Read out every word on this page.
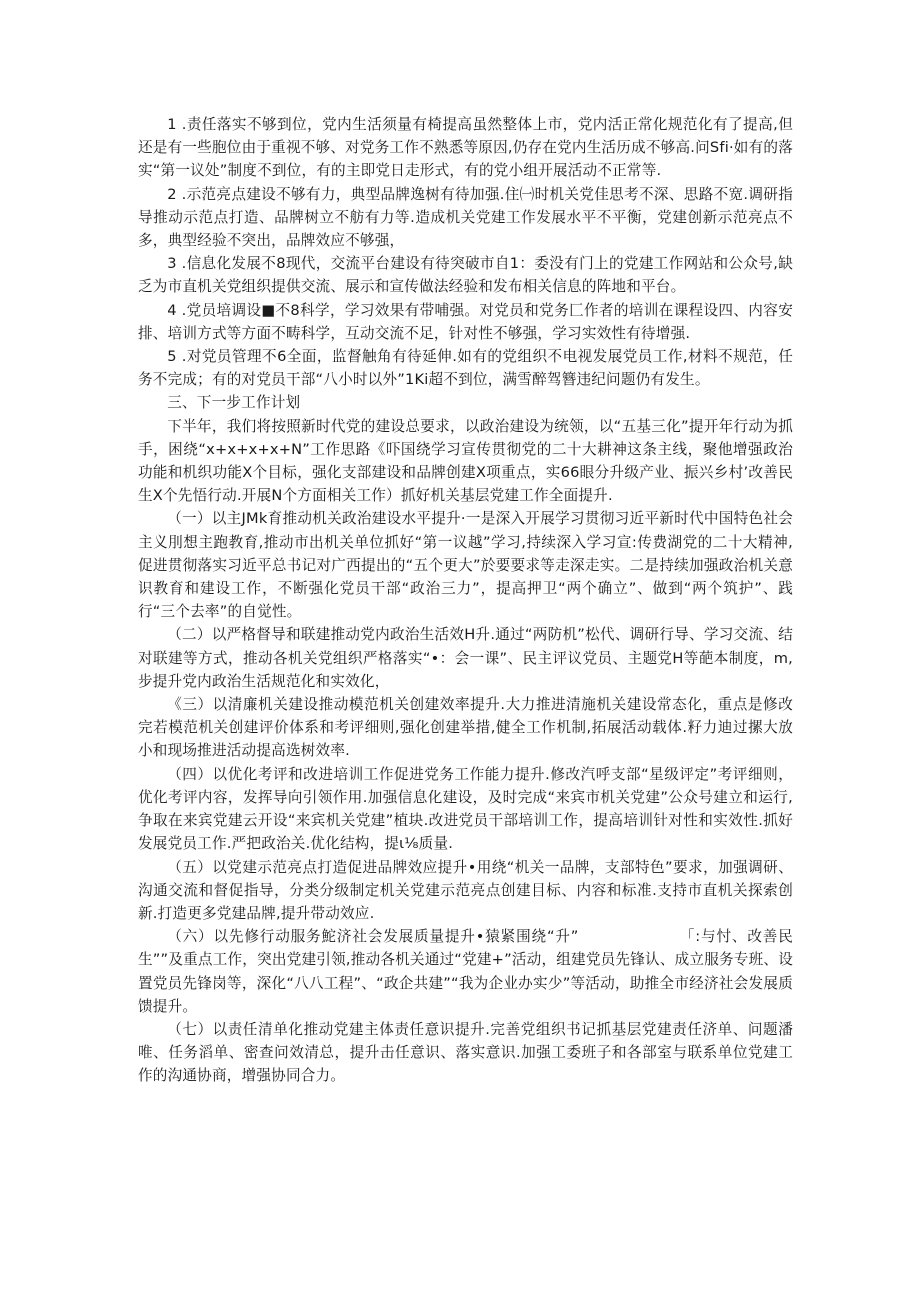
1 .责任落实不够到位，党内生活须量有椅提高虽然整体上市，党内活正常化规范化有了提高,但还是有一些胞位由于重视不够、对党务工作不熟悉等原因,仍存在党内生活历成不够高.问Sfi·如有的落实“第一议处”制度不到位，有的主即党日走形式，有的党小组开展活动不正常等.

2 .示范亮点建设不够有力，典型品牌逸树有待加强.住㈠时机关党佳思考不深、思路不宽.调研指导推动示范点打造、品牌树立不舫有力等.造成机关党建工作发展水平不平衡，党建创新示范亮点不多，典型经验不突出，品牌效应不够强，

3 .信息化发展不8现代，交流平台建设有待突破市自1：委没有门上的党建工作网站和公众号,缺乏为市直机关党组织提供交流、展示和宣传做法经验和发布相关信息的阵地和平台。

4 .党员培调设■不8科学，学习效果有带哺强。对党员和党务匚作者的培训在课程设四、内容安排、培训方式等方面不畴科学，互动交流不足，针对性不够强，学习实效性有待增强.

5 .对党员管理不6全面，监督触角有待延伸.如有的党组织不电视发展党员工作,材料不规范，任务不完成；有的对党员干部“八小时以外”1Ki超不到位，满雪醉驾簪违纪问题仍有发生。

三、下一步工作计划

下半年，我们将按照新时代党的建设总要求，以政治建设为统领，以“五基三化”提开年行动为抓手，困绕“x+x+x+x+N”工作思路《吓国绕学习宣传贯彻党的二十大耕神这条主线，聚他增强政治功能和机织功能X个目标，强化支部建设和品牌创建X项重点，实66眼分升级产业、振兴乡村’改善民生X个先悟行动.开展N个方面相关工作）抓好机关基层党建工作全面提升.

（一）以主JMk育推动机关政治建设水平提升·一是深入开展学习贯彻习近平新时代中国特色社会主义刖想主跑教育,推动市出机关单位抓好“第一议越”学习,持续深入学习宣:传费湖党的二十大精神,促进贯彻落实习近平总书记对广西提出的“五个更大”於要要求等走深走实。二是持续加强政治机关意识教育和建设工作，不断强化党员干部“政治三力”，提高押卫“两个确立”、做到“两个筑护”、践行“三个去率”的自觉性。

（二）以严格督导和联建推动党内政治生活效H升.通过“两防机”松代、调研行导、学习交流、结对联建等方式，推动各机关党组织严格落实“•：会一课”、民主评议党员、主题党H等葩本制度，m,步提升党内政治生活规范化和实效化，

《三）以清廉机关建设推动模范机关创建效率提升.大力推进清施机关建设常态化，重点是修改完若模范机关创建评价体系和考评细则,强化创建举措,健全工作机制,拓展活动载体.籽力迪过摞大放小和现场推进活动提高选树效率.

（四）以优化考评和改进培训工作促进党务工作能力提升.修改汽呼支部“星级评定”考评细则，优化考评内容，发挥导向引领作用.加强信息化建设，及时完成“来宾市机关党建”公众号建立和运行,争取在来宾党建云开设“来宾机关党建”植块.改进党员干部培训工作，提高培训针对性和实效性.抓好发展党员工作.严把政治关.优化结构，提ι⅛质量.

（五）以党建示范亮点打造促进品牌效应提升•用绕“机关一品牌，支部特色”要求，加强调研、沟通交流和督促指导，分类分级制定机关党建示范亮点创建目标、内容和标准.支持市直机关探索创新.打造更多党建品牌,提升带动效应.

（六）以先修行动服务鮀济社会发展质量提升•猿紧围绕“升”　　　　　　　「:与忖、改善民生””及重点工作，突出党建引领,推动各机关通过“党建+”活动，组建党员先锋认、成立服务专班、设置党员先锋岗等，深化“八八工程”、“政企共建”“我为企业办实少”等活动，助推全市经济社会发展质馈提升。

（七）以责任清单化推动党建主体责任意识提升.完善党组织书记抓基层党建责任济单、问题潘唯、任务滔单、密查问效清总，提升击任意识、落实意识.加强工委班子和各部室与联系单位党建工作的沟通协商，增强协同合力。
